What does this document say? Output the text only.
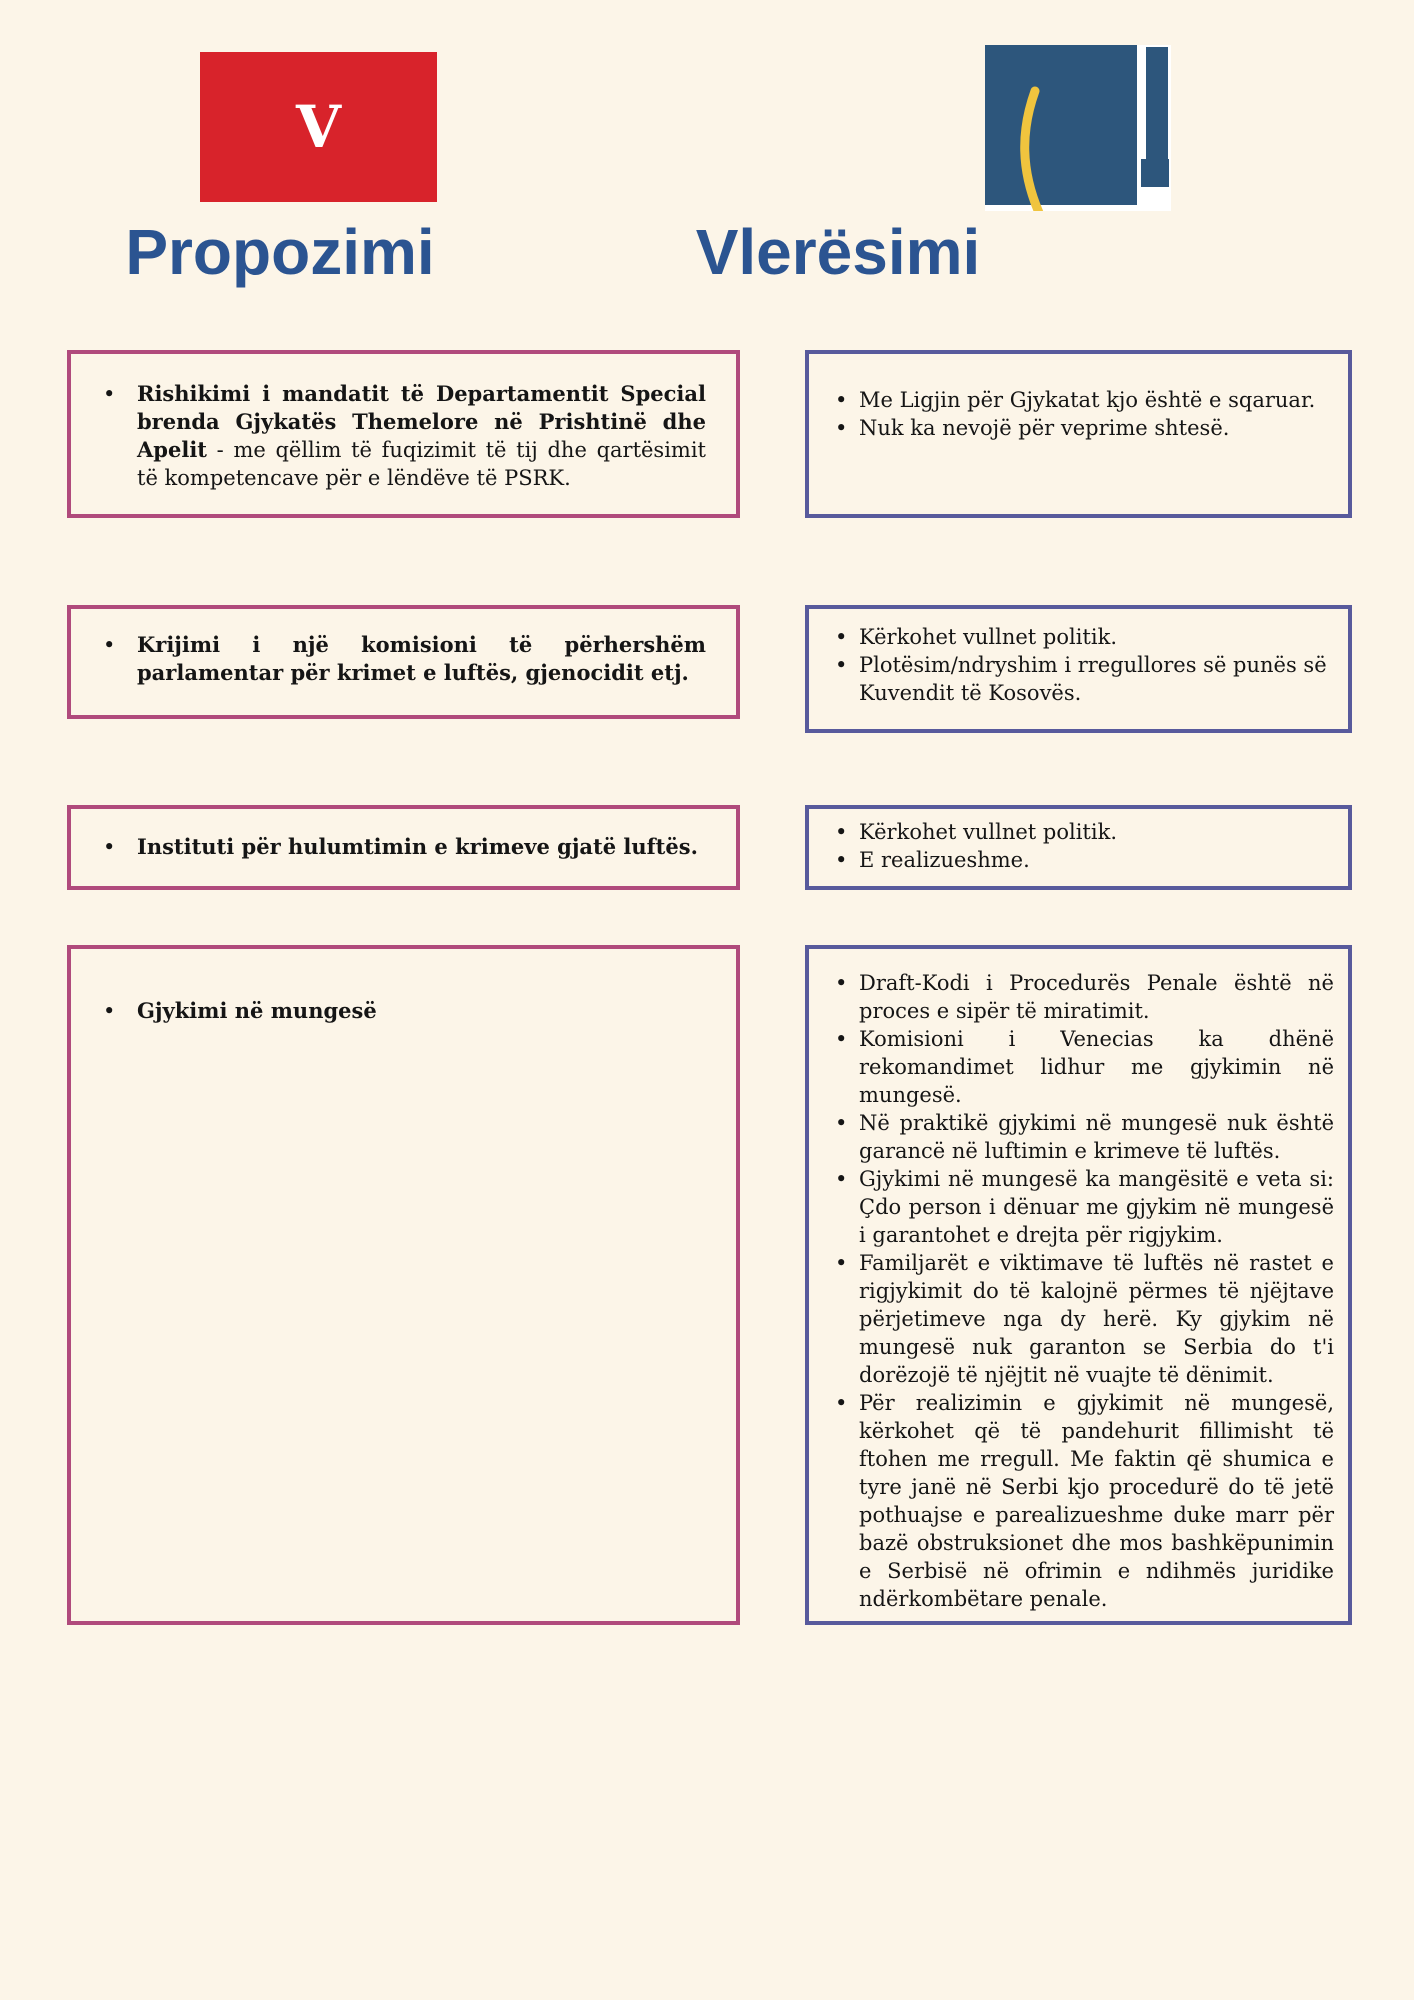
V
Propozimi	Vlerësimi
• Rishikimi i mandatit të Departamentit Special brenda Gjykatës Themelore në Prishtinë dhe Apelit - me qëllim të fuqizimit të tij dhe qartësimit të kompetencave për e lëndëve të PSRK.
• Me Ligjin për Gjykatat kjo është e sqaruar.
• Nuk ka nevojë për veprime shtesë.
• Krijimi i një komisioni të përhershëm parlamentar për krimet e luftës, gjenocidit etj.
• Kërkohet vullnet politik.
• Plotësim/ndryshim i rregullores së punës së Kuvendit të Kosovës.
• Instituti për hulumtimin e krimeve gjatë luftës.
• Kërkohet vullnet politik.
• E realizueshme.
• Gjykimi në mungesë
• Draft-Kodi i Procedurës Penale është në proces e sipër të miratimit.
• Komisioni i Venecias ka dhënë rekomandimet lidhur me gjykimin në mungesë.
• Në praktikë gjykimi në mungesë nuk është garancë në luftimin e krimeve të luftës.
• Gjykimi në mungesë ka mangësitë e veta si: Çdo person i dënuar me gjykim në mungesë i garantohet e drejta për rigjykim.
• Familjarët e viktimave të luftës në rastet e rigjykimit do të kalojnë përmes të njëjtave përjetimeve nga dy herë. Ky gjykim në mungesë nuk garanton se Serbia do t'i dorëzojë të njëjtit në vuajte të dënimit.
• Për realizimin e gjykimit në mungesë, kërkohet që të pandehurit fillimisht të ftohen me rregull. Me faktin që shumica e tyre janë në Serbi kjo procedurë do të jetë pothuajse e parealizueshme duke marr për bazë obstruksionet dhe mos bashkëpunimin e Serbisë në ofrimin e ndihmës juridike ndërkombëtare penale.
